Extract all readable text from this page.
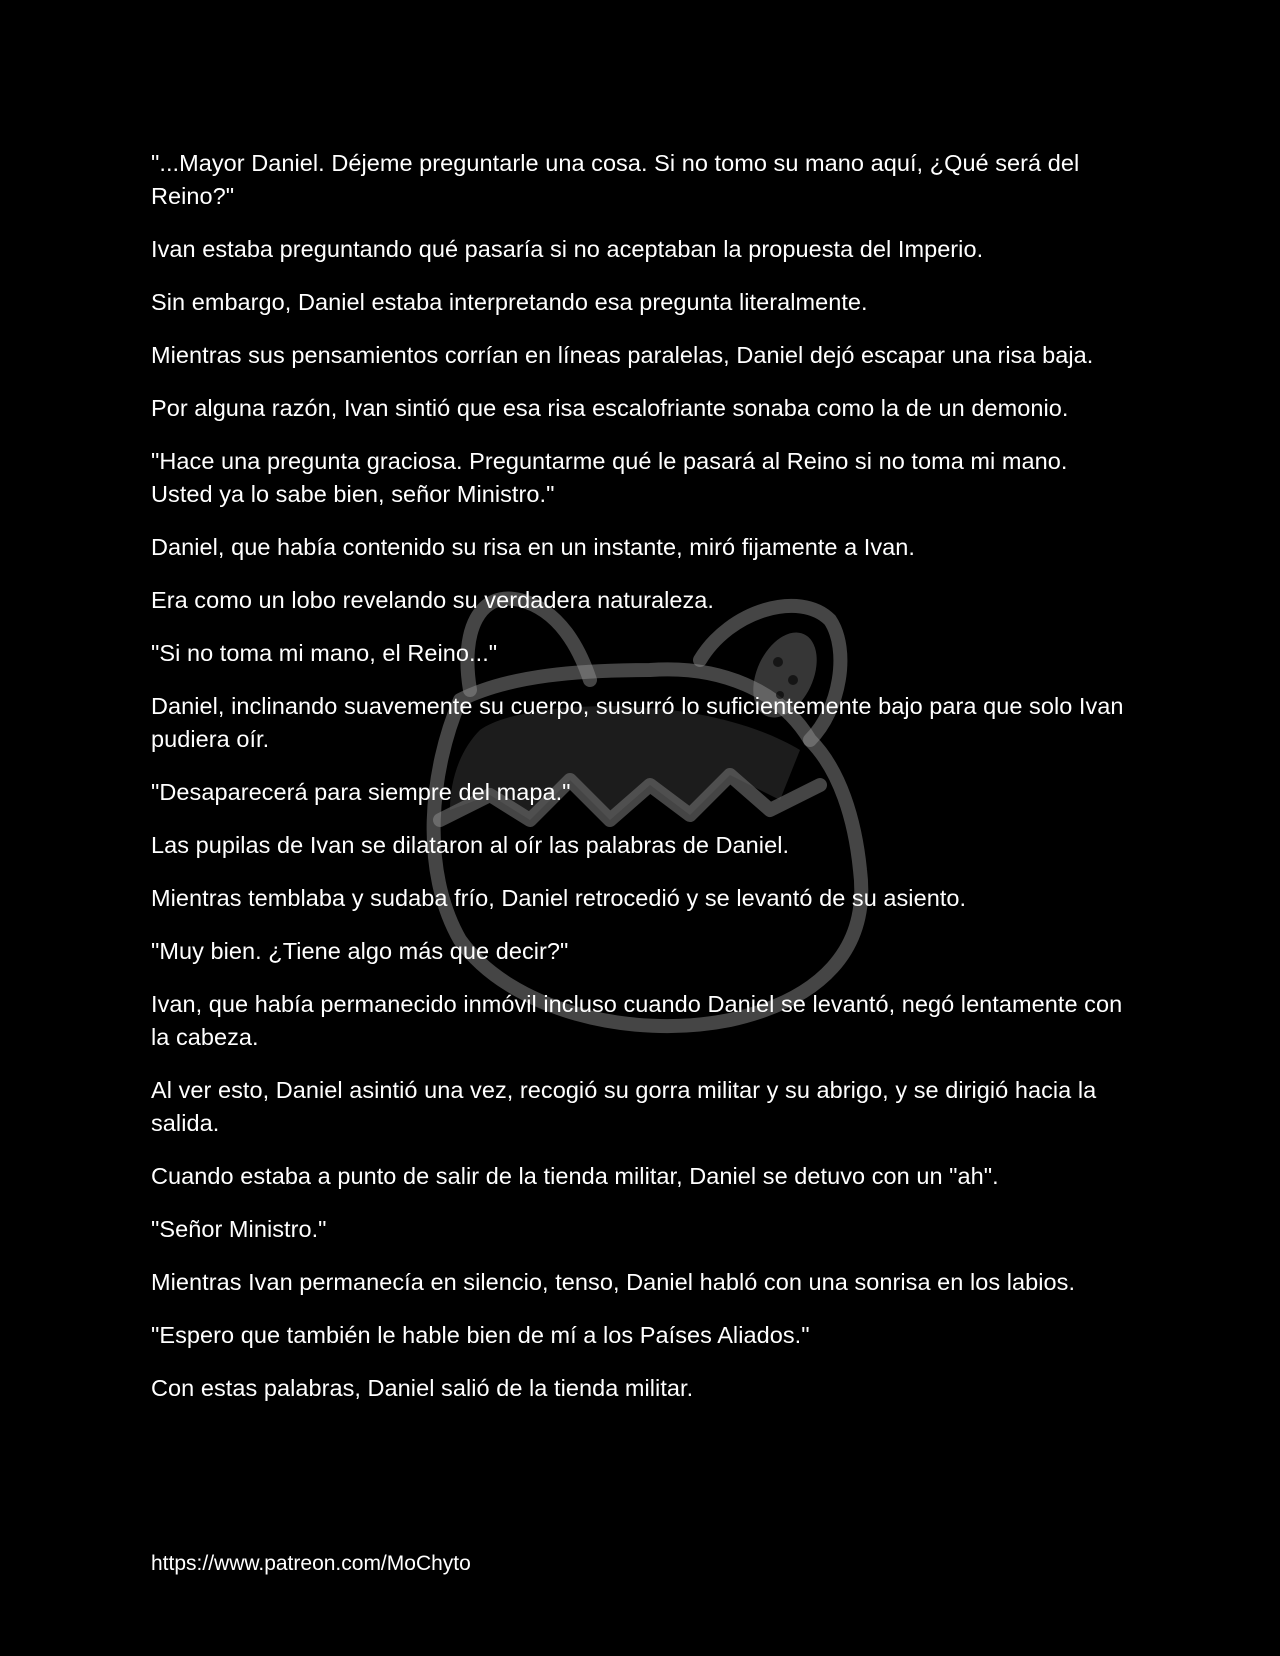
"...Mayor Daniel. Déjeme preguntarle una cosa. Si no tomo su mano aquí, ¿Qué será del Reino?"

Ivan estaba preguntando qué pasaría si no aceptaban la propuesta del Imperio.

Sin embargo, Daniel estaba interpretando esa pregunta literalmente.

Mientras sus pensamientos corrían en líneas paralelas, Daniel dejó escapar una risa baja.

Por alguna razón, Ivan sintió que esa risa escalofriante sonaba como la de un demonio.

"Hace una pregunta graciosa. Preguntarme qué le pasará al Reino si no toma mi mano. Usted ya lo sabe bien, señor Ministro."

Daniel, que había contenido su risa en un instante, miró fijamente a Ivan.

Era como un lobo revelando su verdadera naturaleza.

"Si no toma mi mano, el Reino..."

Daniel, inclinando suavemente su cuerpo, susurró lo suficientemente bajo para que solo Ivan pudiera oír.

"Desaparecerá para siempre del mapa."

Las pupilas de Ivan se dilataron al oír las palabras de Daniel.

Mientras temblaba y sudaba frío, Daniel retrocedió y se levantó de su asiento.

"Muy bien. ¿Tiene algo más que decir?"

Ivan, que había permanecido inmóvil incluso cuando Daniel se levantó, negó lentamente con la cabeza.

Al ver esto, Daniel asintió una vez, recogió su gorra militar y su abrigo, y se dirigió hacia la salida.

Cuando estaba a punto de salir de la tienda militar, Daniel se detuvo con un "ah".

"Señor Ministro."

Mientras Ivan permanecía en silencio, tenso, Daniel habló con una sonrisa en los labios.

"Espero que también le hable bien de mí a los Países Aliados."

Con estas palabras, Daniel salió de la tienda militar.

https://www.patreon.com/MoChyto
